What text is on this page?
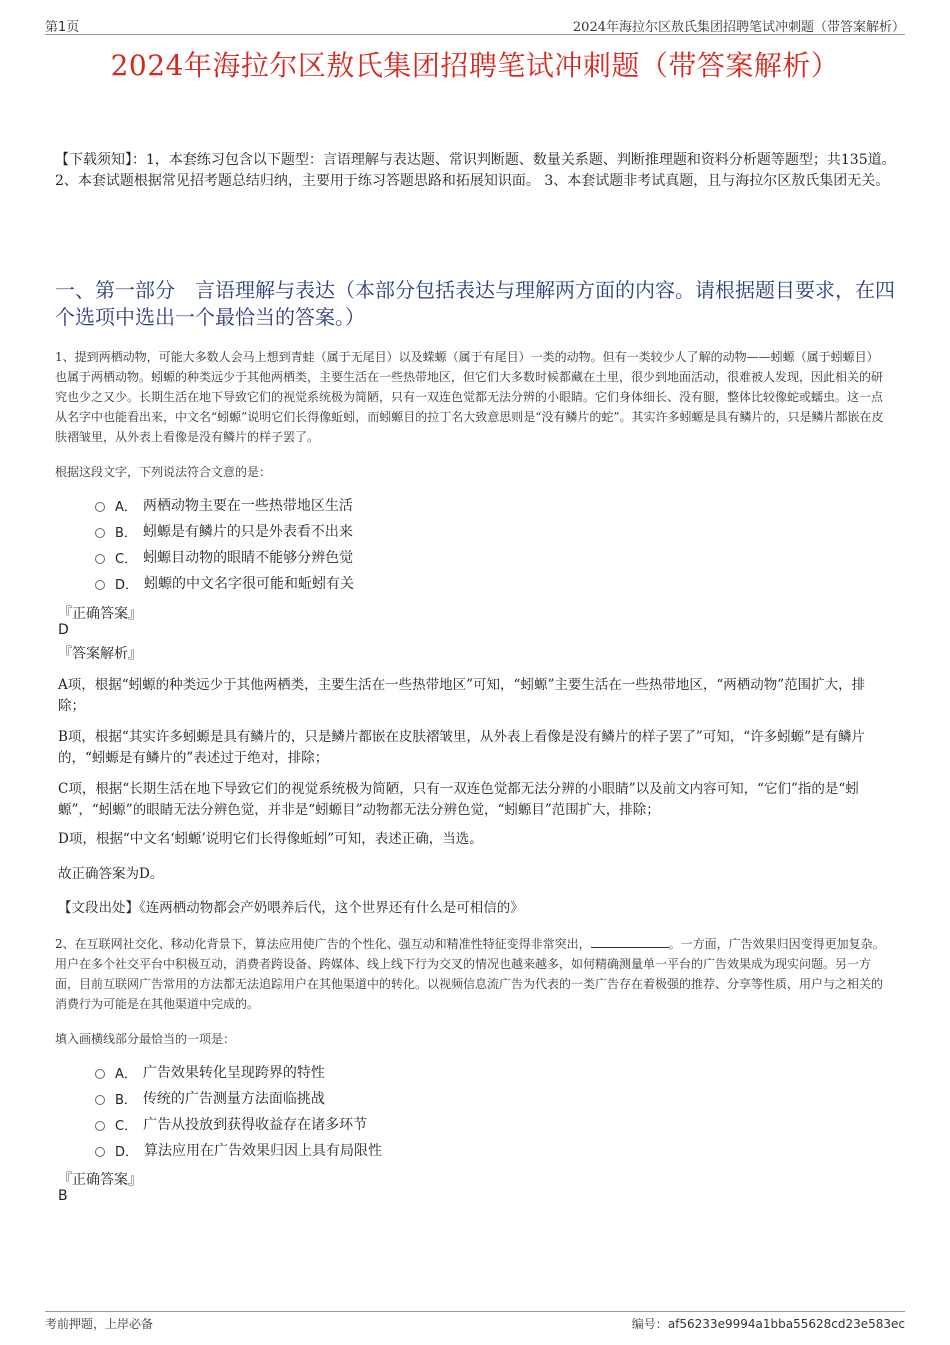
第1页	2024年海拉尔区敖氏集团招聘笔试冲刺题（带答案解析）
2024年海拉尔区敖氏集团招聘笔试冲刺题（带答案解析）
【下载须知】：1，本套练习包含以下题型：言语理解与表达题、常识判断题、数量关系题、判断推理题和资料分析题等题型；共135道。 2、本套试题根据常见招考题总结归纳，主要用于练习答题思路和拓展知识面。 3、本套试题非考试真题，且与海拉尔区敖氏集团无关。
一、第一部分　言语理解与表达（本部分包括表达与理解两方面的内容。请根据题目要求，在四个选项中选出一个最恰当的答案。）
1、提到两栖动物，可能大多数人会马上想到青蛙（属于无尾目）以及蝾螈（属于有尾目）一类的动物。但有一类较少人了解的动物——蚓螈（属于蚓螈目）也属于两栖动物。蚓螈的种类远少于其他两栖类，主要生活在一些热带地区，但它们大多数时候都藏在土里，很少到地面活动，很难被人发现，因此相关的研究也少之又少。长期生活在地下导致它们的视觉系统极为简陋，只有一双连色觉都无法分辨的小眼睛。它们身体细长、没有腿，整体比较像蛇或蠕虫。这一点从名字中也能看出来，中文名“蚓螈”说明它们长得像蚯蚓，而蚓螈目的拉丁名大致意思则是“没有鳞片的蛇”。其实许多蚓螈是具有鳞片的，只是鳞片都嵌在皮肤褶皱里，从外表上看像是没有鳞片的样子罢了。
根据这段文字，下列说法符合文意的是：
A． 两栖动物主要在一些热带地区生活
B． 蚓螈是有鳞片的只是外表看不出来
C． 蚓螈目动物的眼睛不能够分辨色觉
D． 蚓螈的中文名字很可能和蚯蚓有关
『正确答案』
D
『答案解析』
A项，根据“蚓螈的种类远少于其他两栖类，主要生活在一些热带地区”可知，“蚓螈”主要生活在一些热带地区，“两栖动物”范围扩大，排除；
B项，根据“其实许多蚓螈是具有鳞片的，只是鳞片都嵌在皮肤褶皱里，从外表上看像是没有鳞片的样子罢了”可知，“许多蚓螈”是有鳞片的，“蚓螈是有鳞片的”表述过于绝对，排除；
C项，根据“长期生活在地下导致它们的视觉系统极为简陋，只有一双连色觉都无法分辨的小眼睛”以及前文内容可知，“它们”指的是“蚓螈”，“蚓螈”的眼睛无法分辨色觉，并非是“蚓螈目”动物都无法分辨色觉，“蚓螈目”范围扩大，排除；
D项，根据“中文名‘蚓螈’说明它们长得像蚯蚓”可知，表述正确，当选。
故正确答案为D。
【文段出处】《连两栖动物都会产奶喂养后代，这个世界还有什么是可相信的》
2、在互联网社交化、移动化背景下，算法应用使广告的个性化、强互动和精准性特征变得非常突出，	。一方面，广告效果归因变得更加复杂。用户在多个社交平台中积极互动，消费者跨设备、跨媒体、线上线下行为交叉的情况也越来越多，如何精确测量单一平台的广告效果成为现实问题。另一方面，目前互联网广告常用的方法都无法追踪用户在其他渠道中的转化。以视频信息流广告为代表的一类广告存在着极强的推荐、分享等性质，用户与之相关的消费行为可能是在其他渠道中完成的。
填入画横线部分最恰当的一项是：
A． 广告效果转化呈现跨界的特性
B． 传统的广告测量方法面临挑战
C． 广告从投放到获得收益存在诸多环节
D． 算法应用在广告效果归因上具有局限性
『正确答案』
B
考前押题，上岸必备	编号：af56233e9994a1bba55628cd23e583ec
